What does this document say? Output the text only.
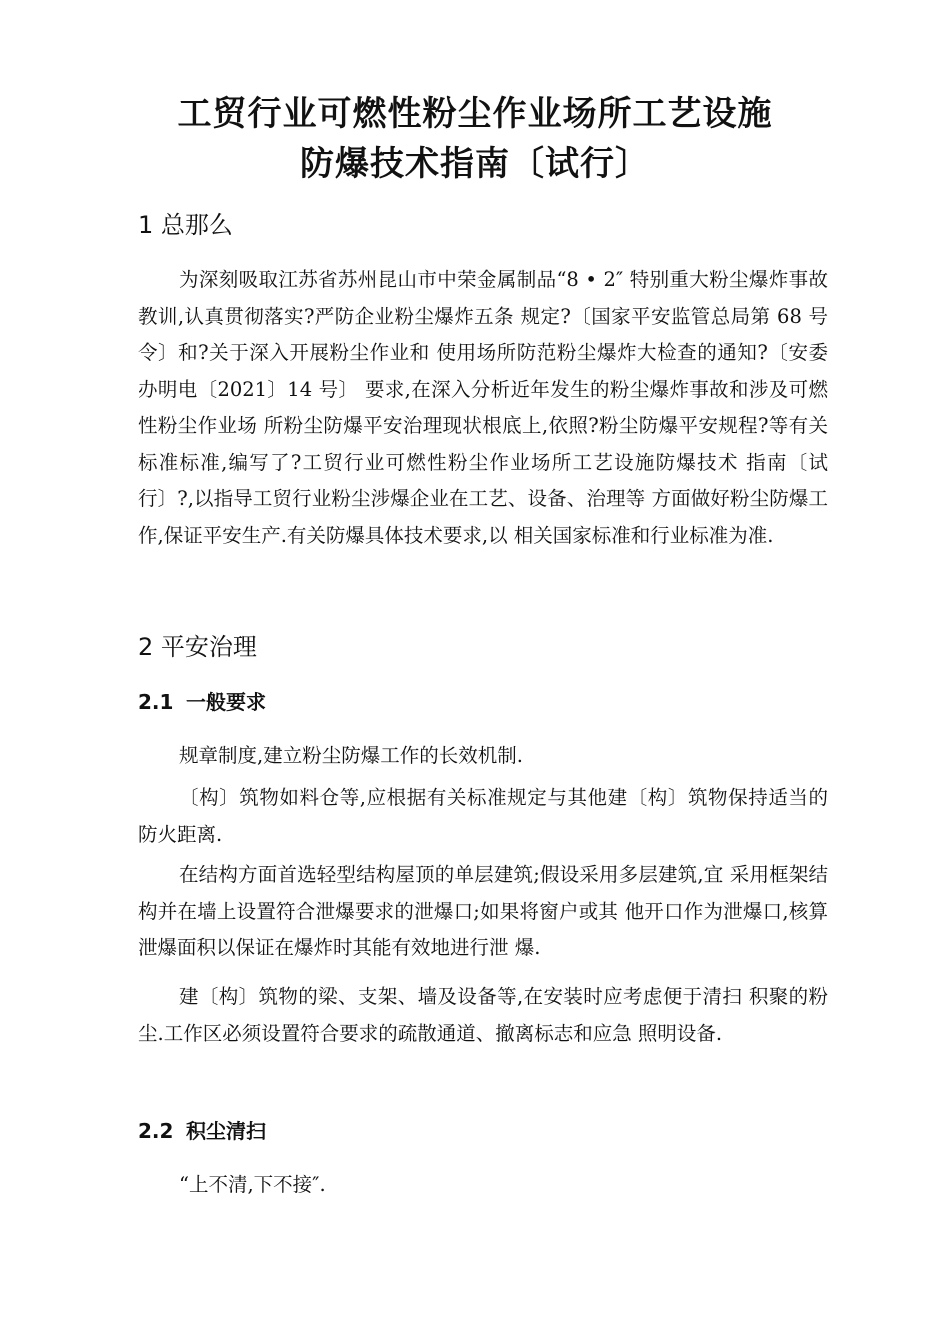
工贸行业可燃性粉尘作业场所工艺设施
防爆技术指南〔试行〕
1 总那么

为深刻吸取江苏省苏州昆山市中荣金属制品“8 • 2″ 特别重大粉尘爆炸事故教训,认真贯彻落实?严防企业粉尘爆炸五条 规定?〔国家平安监管总局第 68 号令〕和?关于深入开展粉尘作业和 使用场所防范粉尘爆炸大检查的通知?〔安委办明电〔2021〕14 号〕 要求,在深入分析近年发生的粉尘爆炸事故和涉及可燃性粉尘作业场 所粉尘防爆平安治理现状根底上,依照?粉尘防爆平安规程?等有关 标准标准,编写了?工贸行业可燃性粉尘作业场所工艺设施防爆技术 指南〔试行〕?,以指导工贸行业粉尘涉爆企业在工艺、设备、治理等 方面做好粉尘防爆工作,保证平安生产.有关防爆具体技术要求,以 相关国家标准和行业标准为准.

2 平安治理
2.1 一般要求

规章制度,建立粉尘防爆工作的长效机制.

〔构〕筑物如料仓等,应根据有关标准规定与其他建〔构〕筑物保持适当的防火距离.

在结构方面首选轻型结构屋顶的单层建筑;假设采用多层建筑,宜 采用框架结构并在墙上设置符合泄爆要求的泄爆口;如果将窗户或其 他开口作为泄爆口,核算泄爆面积以保证在爆炸时其能有效地进行泄 爆.

建〔构〕筑物的梁、支架、墙及设备等,在安装时应考虑便于清扫 积聚的粉尘.工作区必须设置符合要求的疏散通道、撤离标志和应急 照明设备.

2.2 积尘清扫

“上不清,下不接″.
